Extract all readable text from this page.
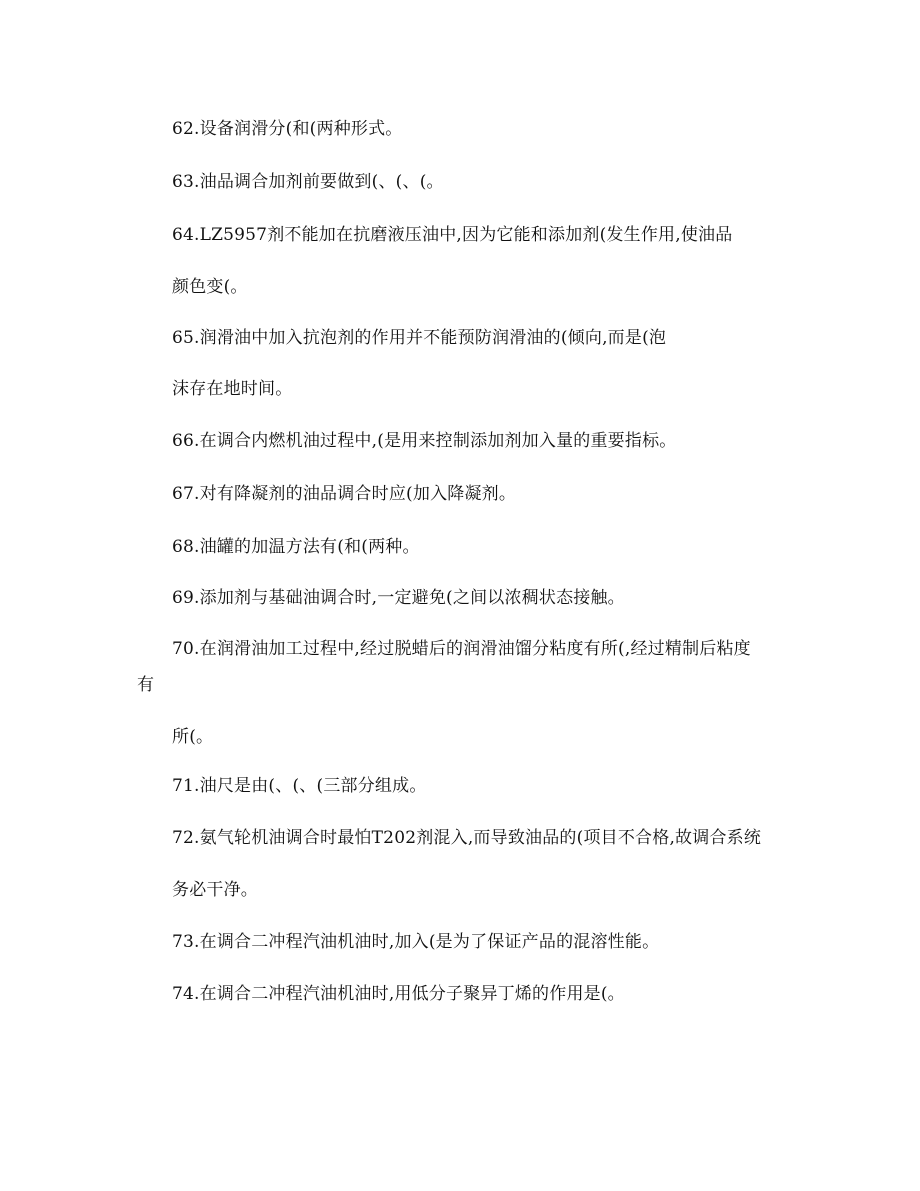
62.设备润滑分(和(两种形式。
63.油品调合加剂前要做到(、(、(。
64.LZ5957剂不能加在抗磨液压油中,因为它能和添加剂(发生作用,使油品
颜色变(。
65.润滑油中加入抗泡剂的作用并不能预防润滑油的(倾向,而是(泡
沫存在地时间。
66.在调合内燃机油过程中,(是用来控制添加剂加入量的重要指标。
67.对有降凝剂的油品调合时应(加入降凝剂。
68.油罐的加温方法有(和(两种。
69.添加剂与基础油调合时,一定避免(之间以浓稠状态接触。
70.在润滑油加工过程中,经过脱蜡后的润滑油馏分粘度有所(,经过精制后粘度
有
所(。
71.油尺是由(、(、(三部分组成。
72.氨气轮机油调合时最怕T202剂混入,而导致油品的(项目不合格,故调合系统
务必干净。
73.在调合二冲程汽油机油时,加入(是为了保证产品的混溶性能。
74.在调合二冲程汽油机油时,用低分子聚异丁烯的作用是(。
